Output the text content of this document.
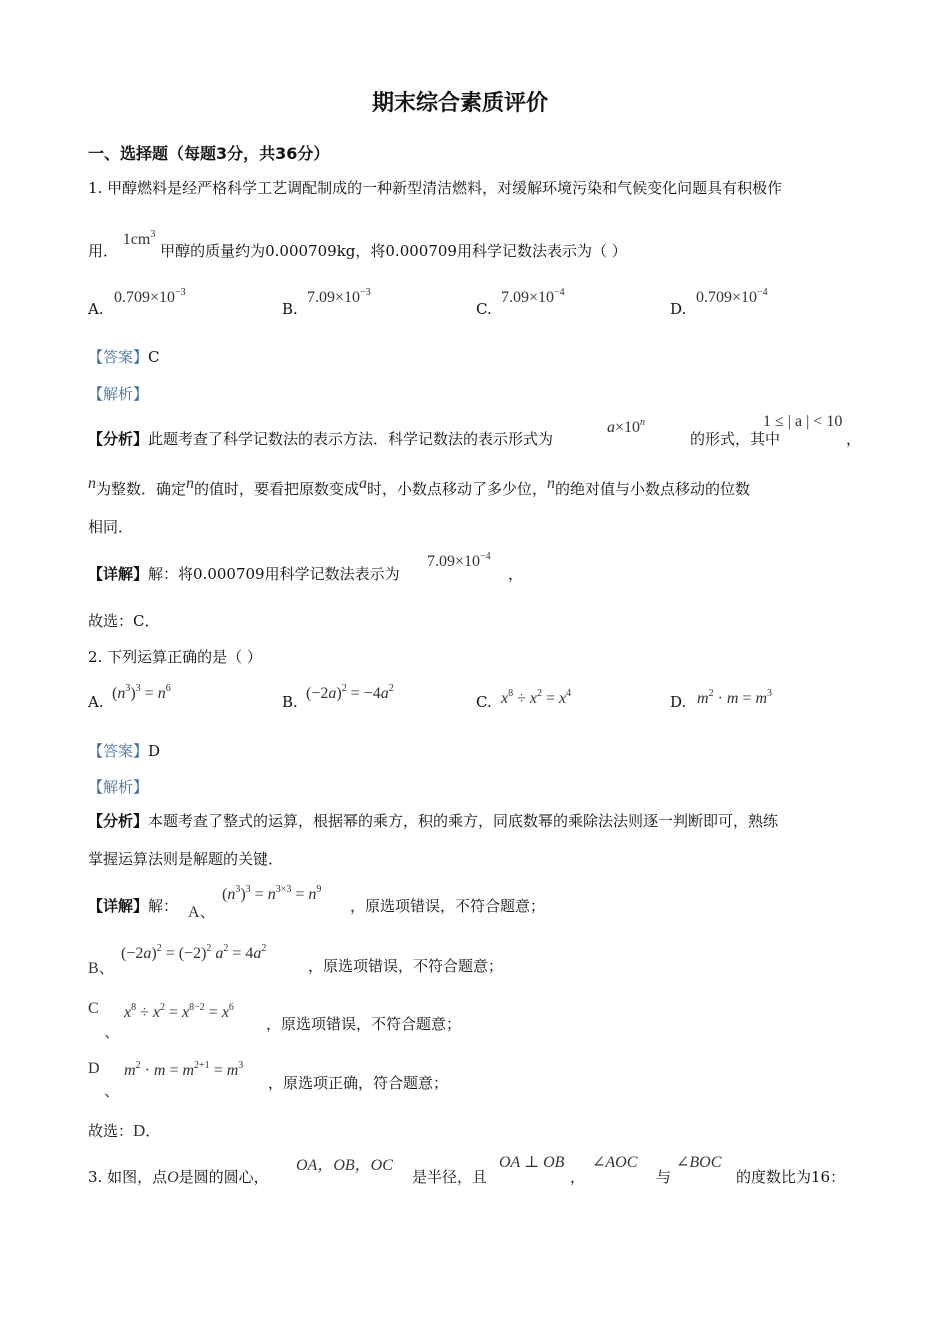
期末综合素质评价
一、选择题（每题3分，共36分）
1. 甲醇燃料是经严格科学工艺调配制成的一种新型清洁燃料，对缓解环境污染和气候变化问题具有积极作
用． $1cm^3$ 甲醇的质量约为0.000709kg，将0.000709用科学记数法表示为（ ）
A.
$0.709\times 10^{-3}$
B.
$7.09\times 10^{-3}$
C.
$7.09\times 10^{-4}$
D.
$0.709\times 10^{-4}$
【答案】C
【解析】
【分析】此题考查了科学记数法的表示方法．科学记数法的表示形式为
$a\times 10^n$
的形式，其中
1 ≤ | a | < 10
，
n为整数．确定n的值时，要看把原数变成a时，小数点移动了多少位，n的绝对值与小数点移动的位数
相同．
【详解】解：将0.000709用科学记数法表示为
$7.09\times 10^{-4}$
，
故选：C．
2. 下列运算正确的是（ ）
A. $(n^3)^3 = n^6$
B. $(-2a)^2 = -4a^2$
C. $x^8 \div x^2 = x^4$	D. $m^2 \cdot m = m^3$
【答案】D
【解析】
【分析】本题考查了整式的运算，根据幂的乘方，积的乘方，同底数幂的乘除法法则逐一判断即可，熟练
掌握运算法则是解题的关键．
【详解】解： A、
$(n^3)^3 = n^{3\times 3} = n^9$
，原选项错误，不符合题意；
B、
$(-2a)^2 = (-2)^2$ $a^2 = 4a^2$
，原选项错误，不符合题意；
C
、
$x^8 \div x^2 = x^{8-2} = x^6$
，原选项错误，不符合题意；
D
、
$m^2 \cdot m = m^{2+1} = m^3$
，原选项正确，符合题意；
故选：D．
3. 如图，点O是圆的圆心，
OA，OB，OC
是半径，且
OA ⊥ OB
，
∠AOC
与
∠BOC
的度数比为16：
